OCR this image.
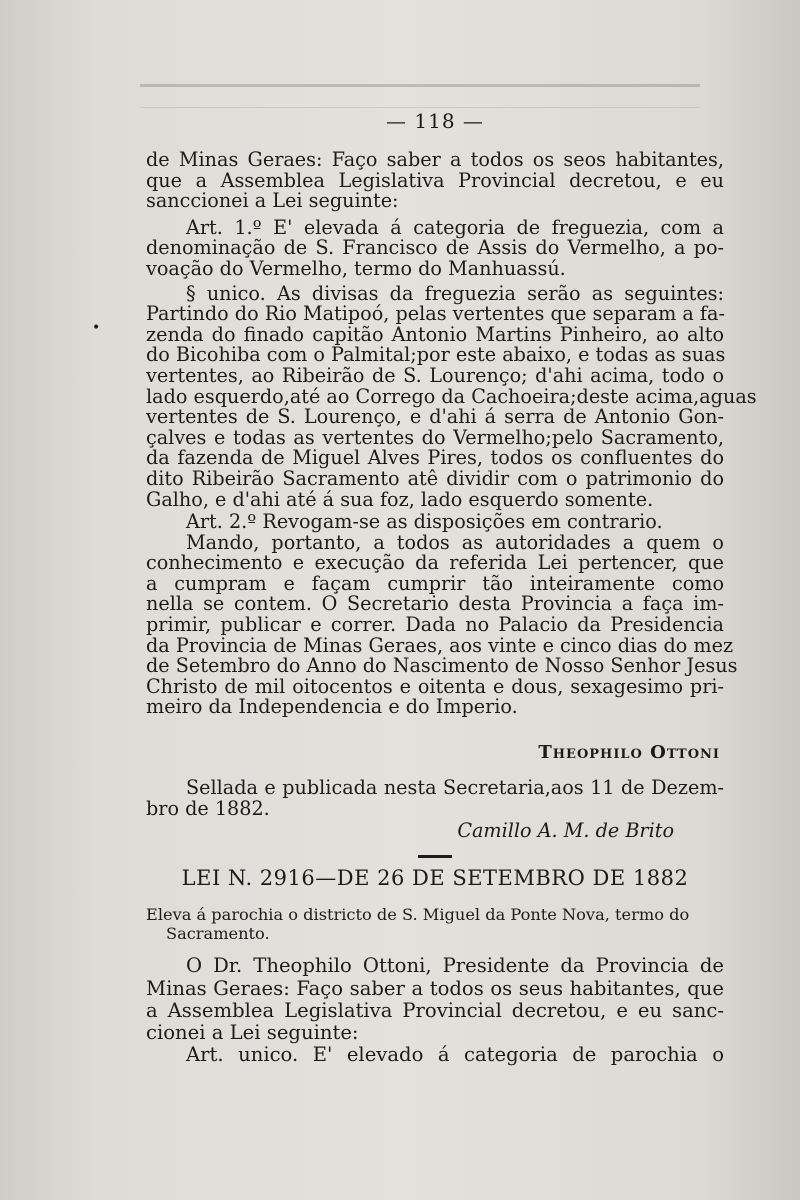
•
— 118 —
de Minas Geraes: Faço saber a todos os seos habitantes,
que a Assemblea Legislativa Provincial decretou, e eu
sanccionei a Lei seguinte:
Art. 1.º E' elevada á categoria de freguezia, com a
denominação de S. Francisco de Assis do Vermelho, a po-
voação do Vermelho, termo do Manhuassú.
§ unico. As divisas da freguezia serão as seguintes:
Partindo do Rio Matipoó, pelas vertentes que separam a fa-
zenda do finado capitão Antonio Martins Pinheiro, ao alto
do Bicohiba com o Palmital;por este abaixo, e todas as suas
vertentes, ao Ribeirão de S. Lourenço; d'ahi acima, todo o
lado esquerdo,até ao Corrego da Cachoeira;deste acima,aguas
vertentes de S. Lourenço, e d'ahi á serra de Antonio Gon-
çalves e todas as vertentes do Vermelho;pelo Sacramento,
da fazenda de Miguel Alves Pires, todos os confluentes do
dito Ribeirão Sacramento atê dividir com o patrimonio do
Galho, e d'ahi até á sua foz, lado esquerdo somente.
Art. 2.º Revogam-se as disposições em contrario.
Mando, portanto, a todos as autoridades a quem o
conhecimento e execução da referida Lei pertencer, que
a cumpram e façam cumprir tão inteiramente como
nella se contem. O Secretario desta Provincia a faça im-
primir, publicar e correr. Dada no Palacio da Presidencia
da Provincia de Minas Geraes, aos vinte e cinco dias do mez
de Setembro do Anno do Nascimento de Nosso Senhor Jesus
Christo de mil oitocentos e oitenta e dous, sexagesimo pri-
meiro da Independencia e do Imperio.
Theophilo Ottoni
Sellada e publicada nesta Secretaria,aos 11 de Dezem-
bro de 1882.
Camillo A. M. de Brito
LEI N. 2916—DE 26 DE SETEMBRO DE 1882
Eleva á parochia o districto de S. Miguel da Ponte Nova, termo do
Sacramento.
O Dr. Theophilo Ottoni, Presidente da Provincia de
Minas Geraes: Faço saber a todos os seus habitantes, que
a Assemblea Legislativa Provincial decretou, e eu sanc-
cionei a Lei seguinte:
Art. unico. E' elevado á categoria de parochia o
